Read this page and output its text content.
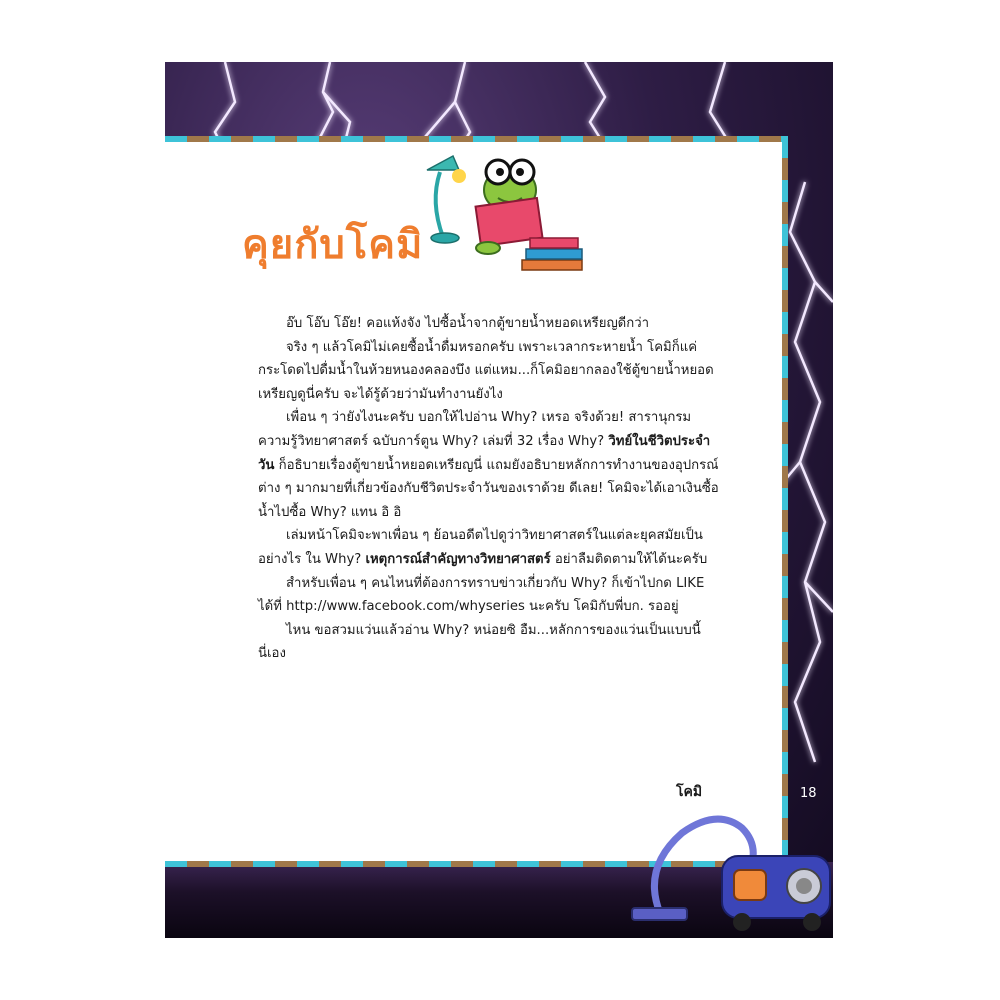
คุยกับโคมิ

อ๊บ โอ๊บ โอ๊ย! คอแห้งจัง ไปซื้อน้ำจากตู้ขายน้ำหยอดเหรียญดีกว่า

จริง ๆ แล้วโคมิไม่เคยซื้อน้ำดื่มหรอกครับ เพราะเวลากระหายน้ำ โคมิก็แค่กระโดดไปดื่มน้ำในห้วยหนองคลองบึง แต่แหม...ก็โคมิอยากลองใช้ตู้ขายน้ำหยอดเหรียญดูนี่ครับ จะได้รู้ด้วยว่ามันทำงานยังไง

เพื่อน ๆ ว่ายังไงนะครับ บอกให้ไปอ่าน Why? เหรอ จริงด้วย! สารานุกรมความรู้วิทยาศาสตร์ ฉบับการ์ตูน Why? เล่มที่ 32 เรื่อง Why? วิทย์ในชีวิตประจำวัน ก็อธิบายเรื่องตู้ขายน้ำหยอดเหรียญนี่ แถมยังอธิบายหลักการทำงานของอุปกรณ์ต่าง ๆ มากมายที่เกี่ยวข้องกับชีวิตประจำวันของเราด้วย ดีเลย! โคมิจะได้เอาเงินซื้อน้ำไปซื้อ Why? แทน อิ อิ

เล่มหน้าโคมิจะพาเพื่อน ๆ ย้อนอดีตไปดูว่าวิทยาศาสตร์ในแต่ละยุคสมัยเป็นอย่างไร ใน Why? เหตุการณ์สำคัญทางวิทยาศาสตร์ อย่าลืมติดตามให้ได้นะครับ

สำหรับเพื่อน ๆ คนไหนที่ต้องการทราบข่าวเกี่ยวกับ Why? ก็เข้าไปกด LIKE ได้ที่ http://www.facebook.com/whyseries นะครับ โคมิกับพี่บก. รออยู่

ไหน ขอสวมแว่นแล้วอ่าน Why? หน่อยซิ อืม...หลักการของแว่นเป็นแบบนี้นี่เอง

โคมิ	18
